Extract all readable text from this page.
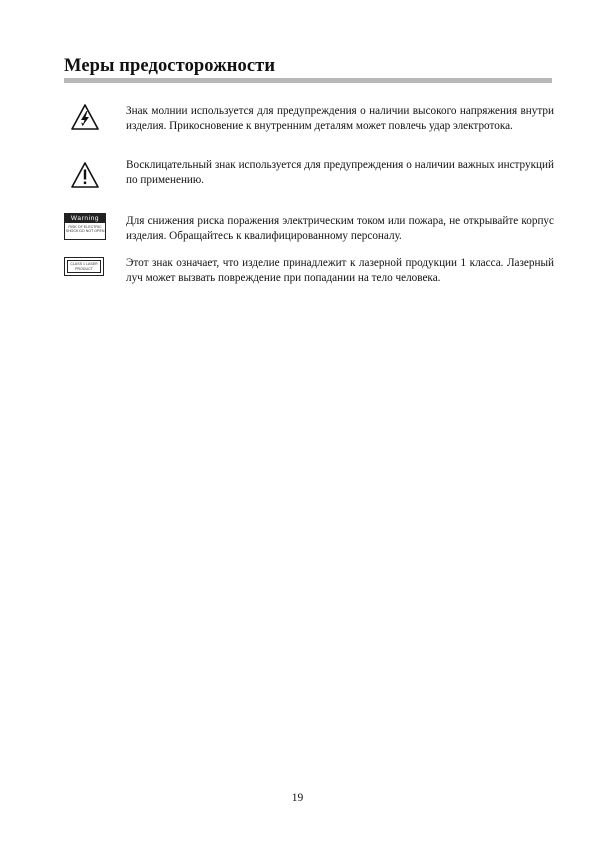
Меры предосторожности

Знак молнии используется для предупреждения о наличии высокого напряжения внутри изделия. Прикосновение к внутренним деталям может повлечь удар электротока.

Восклицательный знак используется для предупреждения о наличии важных инструкций по применению.

Warning
RISK OF ELECTRIC SHOCK DO NOT OPEN

Для снижения риска поражения электрическим током или пожара, не открывайте корпус изделия. Обращайтесь к квалифицированному персоналу.

CLASS 1 LASER PRODUCT	Этот знак означает, что изделие принадлежит к лазерной продукции 1 класса. Лазерный луч может вызвать повреждение при попадании на тело человека.

19
